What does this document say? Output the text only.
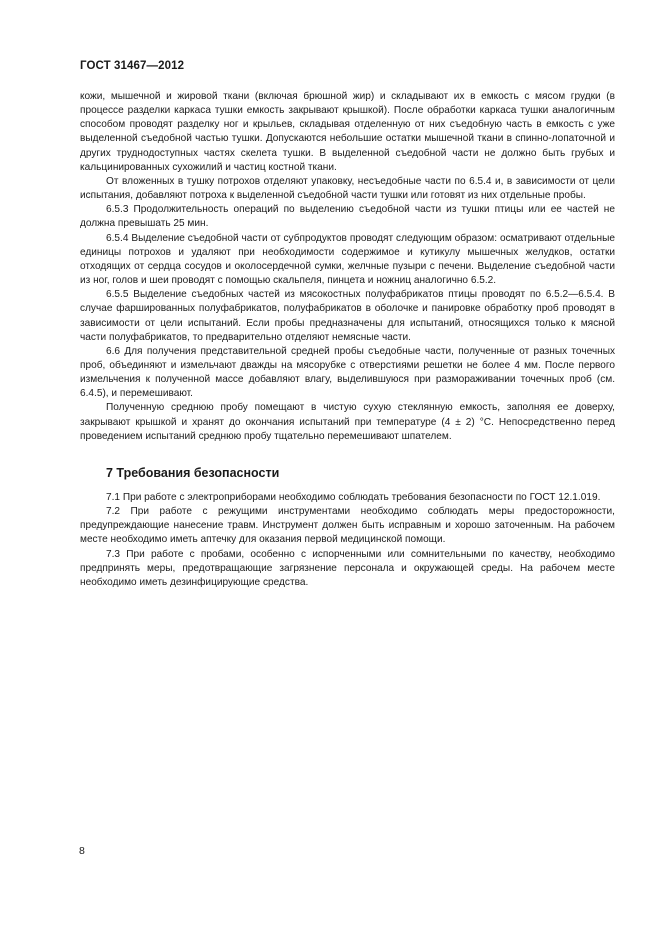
ГОСТ 31467—2012

кожи, мышечной и жировой ткани (включая брюшной жир) и складывают их в емкость с мясом грудки (в процессе разделки каркаса тушки емкость закрывают крышкой). После обработки каркаса тушки аналогичным способом проводят разделку ног и крыльев, складывая отделенную от них съедобную часть в емкость с уже выделенной съедобной частью тушки. Допускаются небольшие остатки мышечной ткани в спинно-лопаточной и других труднодоступных частях скелета тушки. В выделенной съедобной части не должно быть грубых и кальцинированных сухожилий и частиц костной ткани.

От вложенных в тушку потрохов отделяют упаковку, несъедобные части по 6.5.4 и, в зависимости от цели испытания, добавляют потроха к выделенной съедобной части тушки или готовят из них отдельные пробы.

6.5.3 Продолжительность операций по выделению съедобной части из тушки птицы или ее частей не должна превышать 25 мин.

6.5.4 Выделение съедобной части от субпродуктов проводят следующим образом: осматривают отдельные единицы потрохов и удаляют при необходимости содержимое и кутикулу мышечных желудков, остатки отходящих от сердца сосудов и околосердечной сумки, желчные пузыри с печени. Выделение съедобной части из ног, голов и шеи проводят с помощью скальпеля, пинцета и ножниц аналогично 6.5.2.

6.5.5 Выделение съедобных частей из мясокостных полуфабрикатов птицы проводят по 6.5.2—6.5.4. В случае фаршированных полуфабрикатов, полуфабрикатов в оболочке и панировке обработку проб проводят в зависимости от цели испытаний. Если пробы предназначены для испытаний, относящихся только к мясной части полуфабрикатов, то предварительно отделяют немясные части.

6.6 Для получения представительной средней пробы съедобные части, полученные от разных точечных проб, объединяют и измельчают дважды на мясорубке с отверстиями решетки не более 4 мм. После первого измельчения к полученной массе добавляют влагу, выделившуюся при размораживании точечных проб (см. 6.4.5), и перемешивают.

Полученную среднюю пробу помещают в чистую сухую стеклянную емкость, заполняя ее доверху, закрывают крышкой и хранят до окончания испытаний при температуре (4 ± 2) °С. Непосредственно перед проведением испытаний среднюю пробу тщательно перемешивают шпателем.

7 Требования безопасности

7.1 При работе с электроприборами необходимо соблюдать требования безопасности по ГОСТ 12.1.019.

7.2 При работе с режущими инструментами необходимо соблюдать меры предосторожности, предупреждающие нанесение травм. Инструмент должен быть исправным и хорошо заточенным. На рабочем месте необходимо иметь аптечку для оказания первой медицинской помощи.

7.3 При работе с пробами, особенно с испорченными или сомнительными по качеству, необходимо предпринять меры, предотвращающие загрязнение персонала и окружающей среды. На рабочем месте необходимо иметь дезинфицирующие средства.

8
